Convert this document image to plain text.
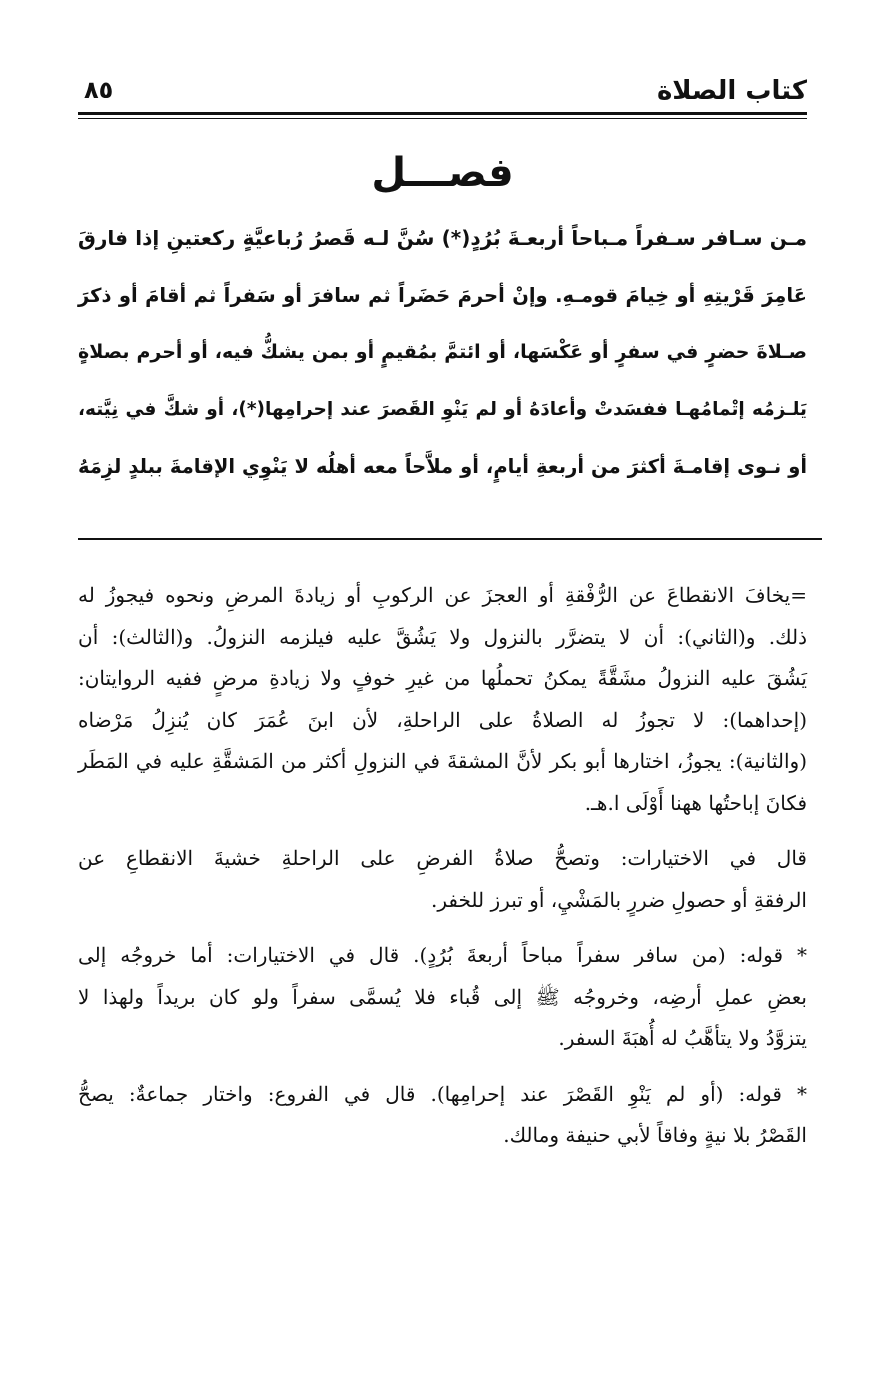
كتاب الصلاة
٨٥
فصـــل

مـن سـافر سـفراً مـباحاً أربعـةَ بُرُدٍ(*) سُنَّ لـه قَصرُ رُباعيَّةٍ ركعتينِ إذا فارقَ

عَامِرَ قَرْيتِهِ أو خِيامَ قومـهِ. وإنْ أحرمَ حَضَراً ثم سافرَ أو سَفراً ثم أقامَ أو ذكرَ

صـلاةَ حضرٍ في سفرٍ أو عَكْسَها، أو ائتمَّ بمُقيمٍ أو بمن يشكُّ فيه، أو أحرم بصلاةٍ

يَلـزمُه إتْمامُهـا ففسَدتْ وأعادَهُ أو لم يَنْوِ القَصرَ عند إحرامِها(*)، أو شكَّ في نِيَّته،

أو نـوى إقامـةَ أكثرَ من أربعةِ أيامٍ، أو ملاَّحاً معه أهلُه لا يَنْوِي الإقامةَ ببلدٍ لزِمَهُ

=يخافَ الانقطاعَ عن الرُّفْقةِ أو العجزَ عن الركوبِ أو زيادةَ المرضِ ونحوه فيجوزُ له

ذلك. و(الثاني): أن لا يتضرَّر بالنزول ولا يَشُقَّ عليه فيلزمه النزولُ. و(الثالث): أن

يَشُقَ عليه النزولُ مشَقَّةً يمكنُ تحملُها من غيرِ خوفٍ ولا زيادةِ مرضٍ ففيه الروايتان:

(إحداهما): لا تجوزُ له الصلاةُ على الراحلةِ، لأن ابنَ عُمَرَ كان يُنزِلُ مَرْضاه

(والثانية): يجوزُ، اختارها أبو بكر لأنَّ المشقةَ في النزولِ أكثر من المَشقَّةِ عليه في المَطَر

فكانَ إباحتُها ههنا أَوْلَى ا.هـ.

قال في الاختيارات: وتصحُّ صلاةُ الفرضِ على الراحلةِ خشيةَ الانقطاعِ عن

الرفقةِ أو حصولِ ضررٍ بالمَشْيِ، أو تبرز للخفر.

* قوله: (من سافر سفراً مباحاً أربعةَ بُرُدٍ). قال في الاختيارات: أما خروجُه إلى

بعضِ عملِ أرضِه، وخروجُه ﷺ إلى قُباء فلا يُسمَّى سفراً ولو كان بريداً ولهذا لا

يتزوَّدُ ولا يتأهَّبُ له أُهبَةَ السفر.

* قوله: (أو لم يَنْوِ القَصْرَ عند إحرامِها). قال في الفروع: واختار جماعةٌ: يصحُّ

القَصْرُ بلا نيةٍ وفاقاً لأبي حنيفة ومالك.
